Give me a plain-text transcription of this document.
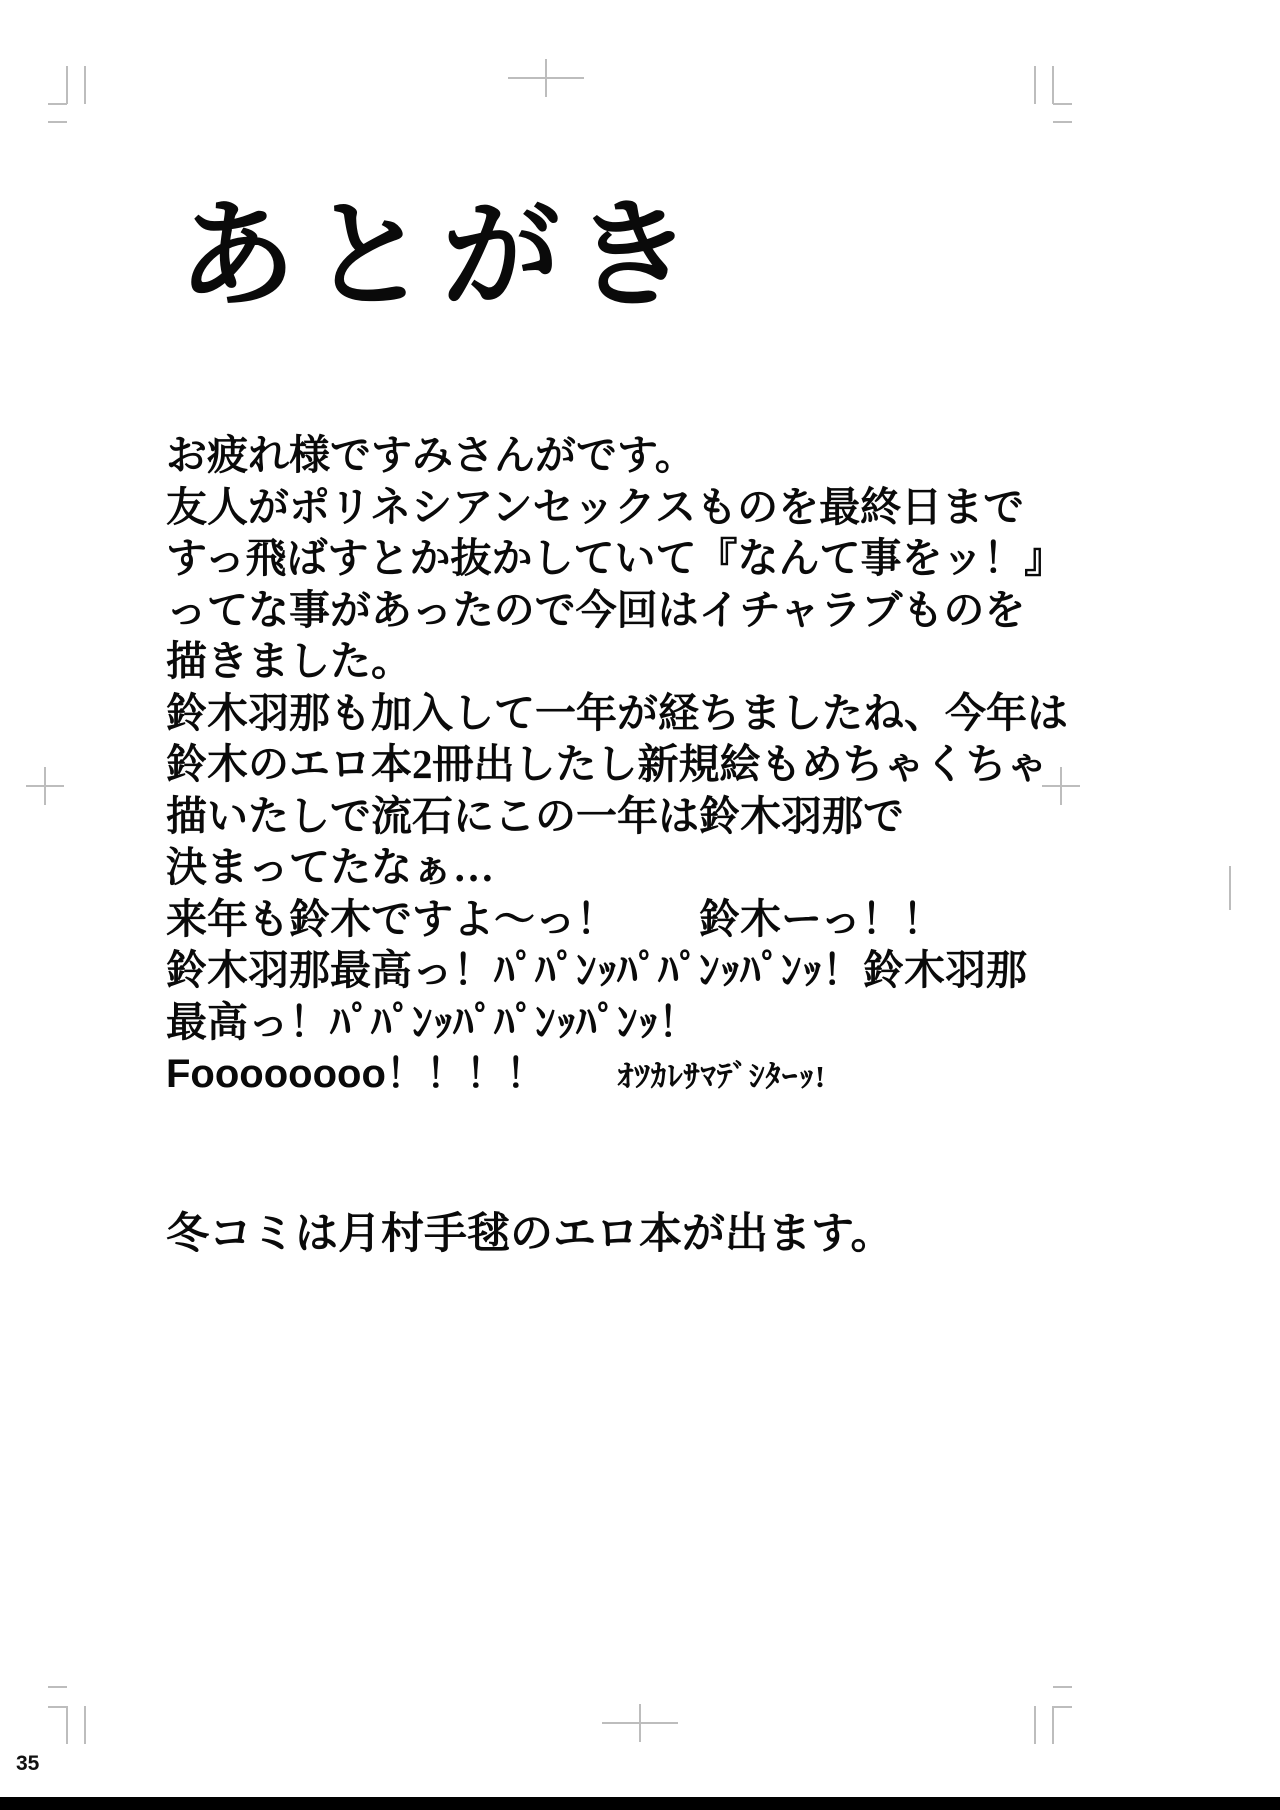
あとがき
お疲れ様ですみさんがです。
友人がポリネシアンセックスものを最終日まで
すっ飛ばすとか抜かしていて『なんて事をッ！』
ってな事があったので今回はイチャラブものを
描きました。
鈴木羽那も加入して一年が経ちましたね、今年は
鈴木のエロ本2冊出したし新規絵もめちゃくちゃ
描いたしで流石にこの一年は鈴木羽那で
決まってたなぁ…
来年も鈴木ですよ〜っ！　　鈴木ーっ！！
鈴木羽那最高っ！ﾊﾟﾊﾟﾝｯﾊﾟﾊﾟﾝｯﾊﾟﾝｯ！鈴木羽那
最高っ！ﾊﾟﾊﾟﾝｯﾊﾟﾊﾟﾝｯﾊﾟﾝｯ！
Foooooooo！！！！ ｵﾂｶﾚｻﾏﾃﾞｼﾀｰｯ!
冬コミは月村手毬のエロ本が出ます。
35
